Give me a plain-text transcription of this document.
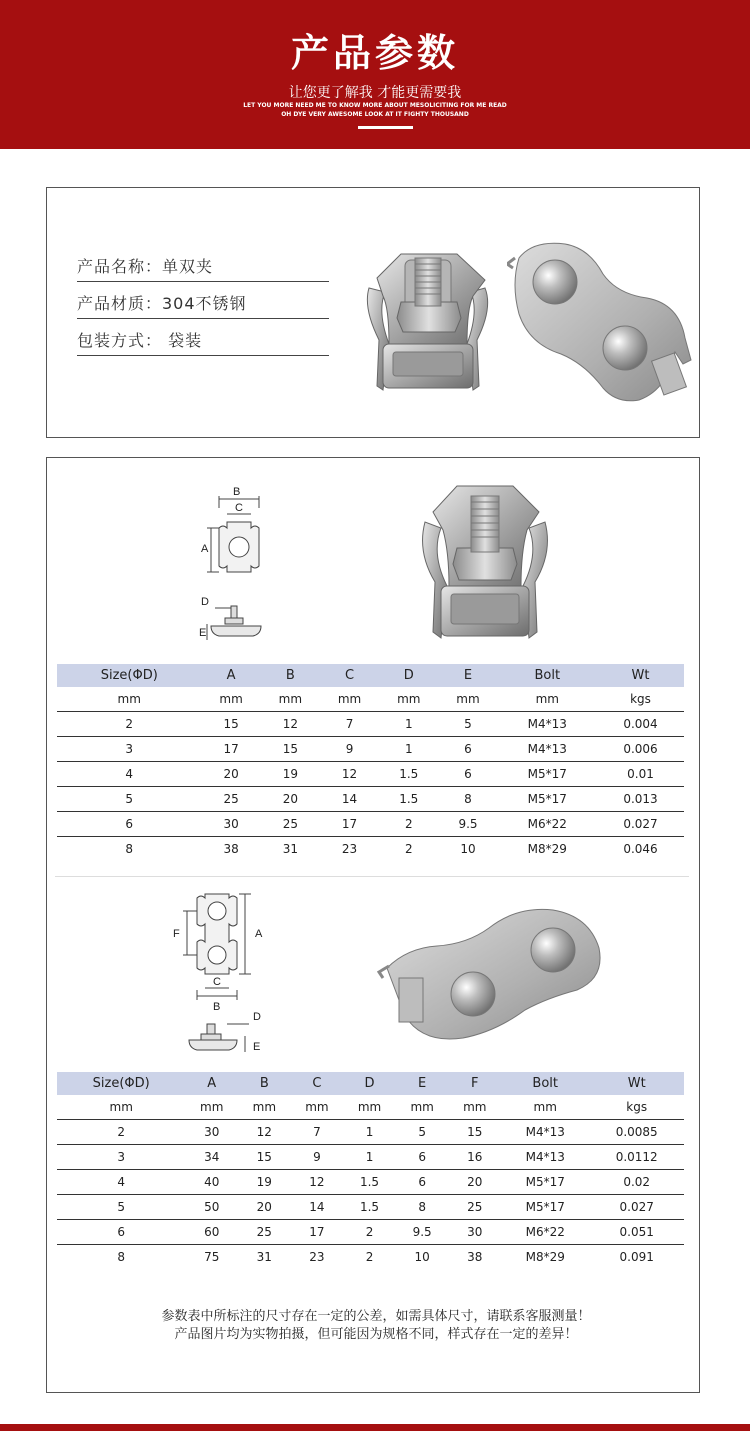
产品参数
让您更了解我 才能更需要我
LET YOU MORE NEED ME TO KNOW MORE ABOUT MESOLICITING FOR ME READ
OH DYE VERY AWESOME LOOK AT IT FIGHTY THOUSAND
产品名称：单双夹
产品材质：304不锈钢
包装方式： 袋装
B
C
A
D
E
Size(ΦD)	A	B	C	D	E	Bolt	Wt
mm	mm	mm	mm	mm	mm	mm	kgs
2	15	12	7	1	5	M4*13	0.004
3	17	15	9	1	6	M4*13	0.006
4	20	19	12	1.5	6	M5*17	0.01
5	25	20	14	1.5	8	M5*17	0.013
6	30	25	17	2	9.5	M6*22	0.027
8	38	31	23	2	10	M8*29	0.046
F	A
C
B
D
E
Size(ΦD)	A	B	C	D	E	F	Bolt	Wt
mm	mm	mm	mm	mm	mm	mm	mm	kgs
2	30	12	7	1	5	15	M4*13	0.0085
3	34	15	9	1	6	16	M4*13	0.0112
4	40	19	12	1.5	6	20	M5*17	0.02
5	50	20	14	1.5	8	25	M5*17	0.027
6	60	25	17	2	9.5	30	M6*22	0.051
8	75	31	23	2	10	38	M8*29	0.091
参数表中所标注的尺寸存在一定的公差，如需具体尺寸，请联系客服测量！
产品图片均为实物拍摄，但可能因为规格不同，样式存在一定的差异！
